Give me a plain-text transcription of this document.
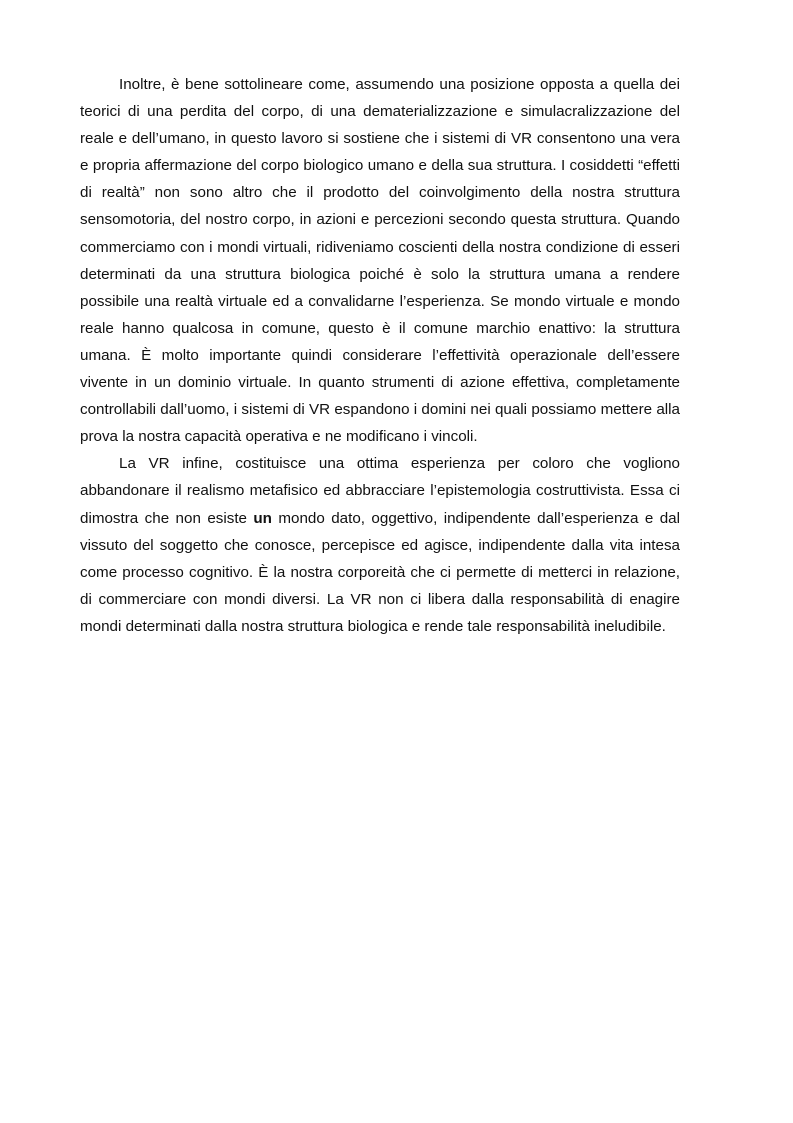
Inoltre, è bene sottolineare come, assumendo una posizione opposta a quella dei teorici di una perdita del corpo, di una dematerializzazione e simulacralizzazione del reale e dell’umano, in questo lavoro si sostiene che i sistemi di VR consentono una vera e propria affermazione del corpo biologico umano e della sua struttura. I cosiddetti “effetti di realtà” non sono altro che il prodotto del coinvolgimento della nostra struttura sensomotoria, del nostro corpo, in azioni e percezioni secondo questa struttura. Quando commerciamo con i mondi virtuali, ridiveniamo coscienti della nostra condizione di esseri determinati da una struttura biologica poiché è solo la struttura umana a rendere possibile una realtà virtuale ed a convalidarne l’esperienza. Se mondo virtuale e mondo reale hanno qualcosa in comune, questo è il comune marchio enattivo: la struttura umana. È molto importante quindi considerare l’effettività operazionale dell’essere vivente in un dominio virtuale. In quanto strumenti di azione effettiva, completamente controllabili dall’uomo, i sistemi di VR espandono i domini nei quali possiamo mettere alla prova la nostra capacità operativa e ne modificano i vincoli.

La VR infine, costituisce una ottima esperienza per coloro che vogliono abbandonare il realismo metafisico ed abbracciare l’epistemologia costruttivista. Essa ci dimostra che non esiste un mondo dato, oggettivo, indipendente dall’esperienza e dal vissuto del soggetto che conosce, percepisce ed agisce, indipendente dalla vita intesa come processo cognitivo. È la nostra corporeità che ci permette di metterci in relazione, di commerciare con mondi diversi. La VR non ci libera dalla responsabilità di enagire mondi determinati dalla nostra struttura biologica e rende tale responsabilità ineludibile.
